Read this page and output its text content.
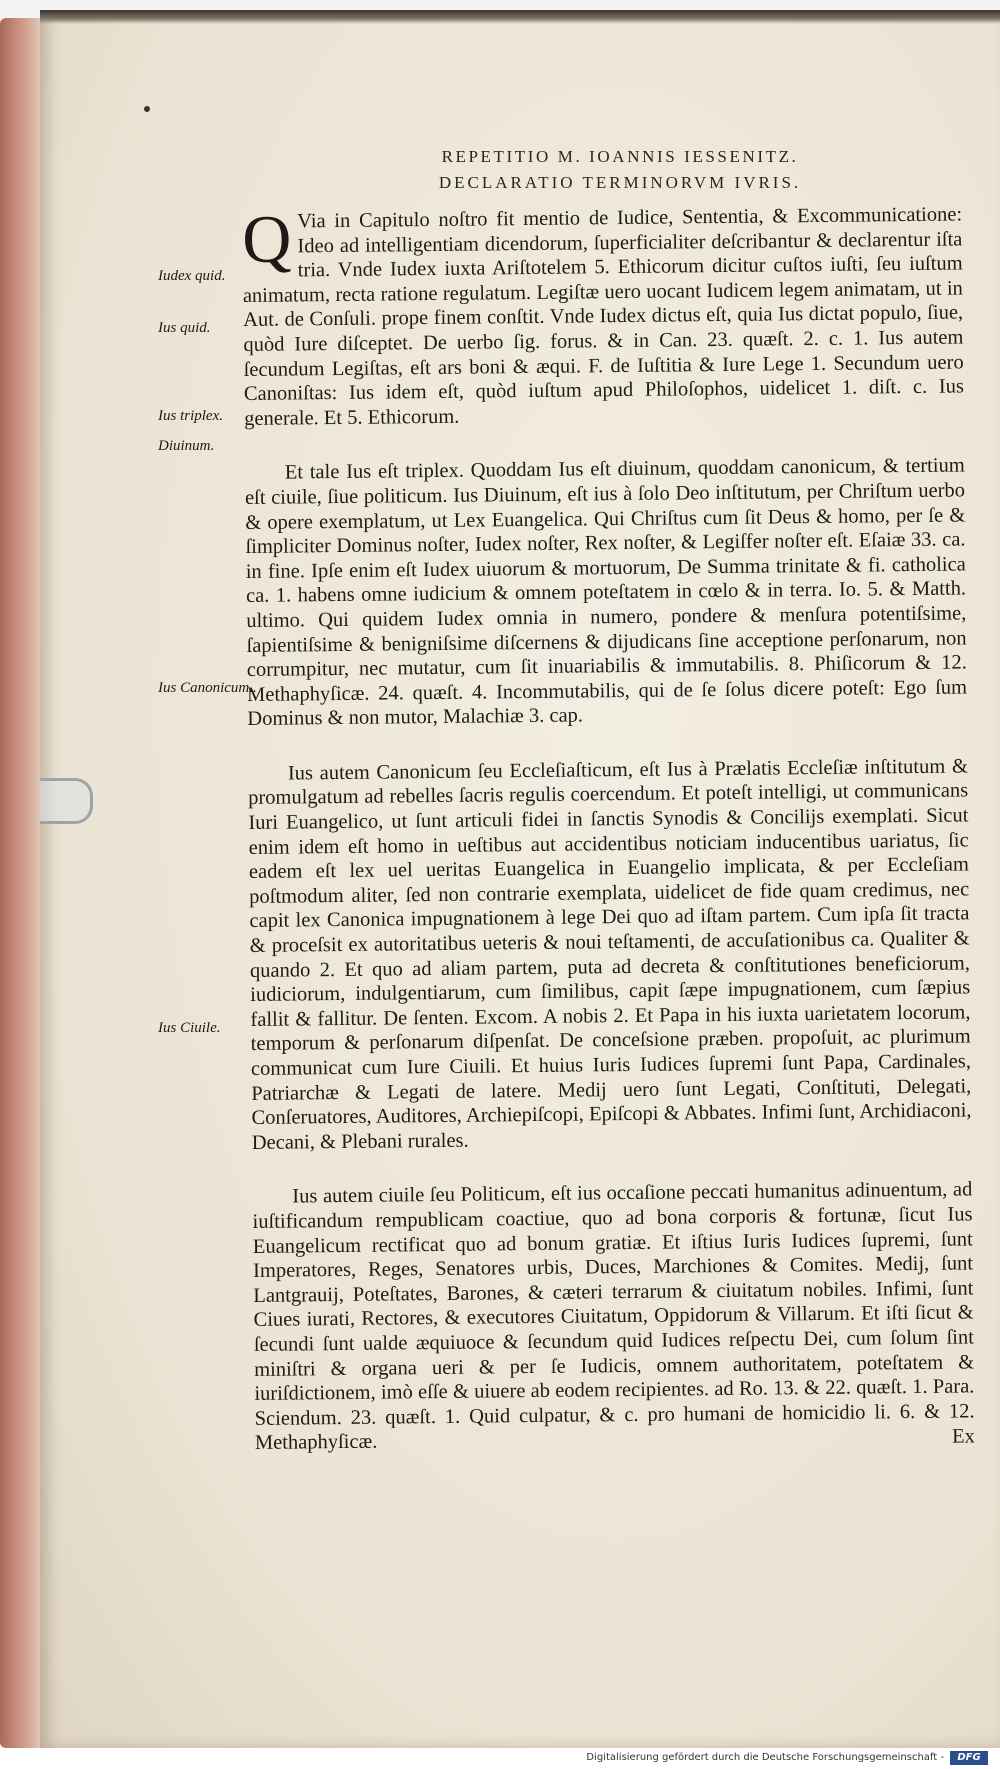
REPETITIO M. IOANNIS IESSENITZ.
DECLARATIO TERMINORVM IVRIS.
Iudex quid.
Ius quid.
Ius triplex.
Diuinum.
Ius Canonicum..
Ius Ciuile.

Q Via in Capitulo noſtro fit mentio de Iudice, Sententia, & Excommunicatione: Ideo ad intelligentiam dicendorum, ſuperficialiter deſcribantur & declarentur iſta tria. Vnde Iudex iuxta Ariſtotelem 5. Ethicorum dicitur cuſtos iuſti, ſeu iuſtum animatum, recta ratione regulatum. Legiſtæ uero uocant Iudicem legem animatam, ut in Aut. de Conſuli. prope finem conſtit. Vnde Iudex dictus eſt, quia Ius dictat populo, ſiue, quòd Iure diſceptet. De uerbo ſig. forus. & in Can. 23. quæſt. 2. c. 1. Ius autem ſecundum Legiſtas, eſt ars boni & æqui. F. de Iuſtitia & Iure Lege 1. Secundum uero Canoniſtas: Ius idem eſt, quòd iuſtum apud Philoſophos, uidelicet 1. diſt. c. Ius generale. Et 5. Ethicorum.

Et tale Ius eſt triplex. Quoddam Ius eſt diuinum, quoddam canonicum, & tertium eſt ciuile, ſiue politicum. Ius Diuinum, eſt ius à ſolo Deo inſtitutum, per Chriſtum uerbo & opere exemplatum, ut Lex Euangelica. Qui Chriſtus cum ſit Deus & homo, per ſe & ſimpliciter Dominus noſter, Iudex noſter, Rex noſter, & Legiſfer noſter eſt. Eſaiæ 33. ca. in fine. Ipſe enim eſt Iudex uiuorum & mortuorum, De Summa trinitate & fi. catholica ca. 1. habens omne iudicium & omnem poteſtatem in cœlo & in terra. Io. 5. & Matth. ultimo. Qui quidem Iudex omnia in numero, pondere & menſura potentiſsime, ſapientiſsime & benigniſsime diſcernens & dijudicans ſine acceptione perſonarum, non corrumpitur, nec mutatur, cum ſit inuariabilis & immutabilis. 8. Phiſicorum & 12. Methaphyſicæ. 24. quæſt. 4. Incommutabilis, qui de ſe ſolus dicere poteſt: Ego ſum Dominus & non mutor, Malachiæ 3. cap.

Ius autem Canonicum ſeu Eccleſiaſticum, eſt Ius à Prælatis Eccleſiæ inſtitutum & promulgatum ad rebelles ſacris regulis coercendum. Et poteſt intelligi, ut communicans Iuri Euangelico, ut ſunt articuli fidei in ſanctis Synodis & Concilijs exemplati. Sicut enim idem eſt homo in ueſtibus aut accidentibus noticiam inducentibus uariatus, ſic eadem eſt lex uel ueritas Euangelica in Euangelio implicata, & per Eccleſiam poſtmodum aliter, ſed non contrarie exemplata, uidelicet de fide quam credimus, nec capit lex Canonica impugnationem à lege Dei quo ad iſtam partem. Cum ipſa ſit tracta & proceſsit ex autoritatibus ueteris & noui teſtamenti, de accuſationibus ca. Qualiter & quando 2. Et quo ad aliam partem, puta ad decreta & conſtitutiones beneficiorum, iudiciorum, indulgentiarum, cum ſimilibus, capit ſæpe impugnationem, cum ſæpius fallit & fallitur. De ſenten. Excom. A nobis 2. Et Papa in his iuxta uarietatem locorum, temporum & perſonarum diſpenſat. De conceſsione præben. propoſuit, ac plurimum communicat cum Iure Ciuili. Et huius Iuris Iudices ſupremi ſunt Papa, Cardinales, Patriarchæ & Legati de latere. Medij uero ſunt Legati, Conſtituti, Delegati, Conſeruatores, Auditores, Archiepiſcopi, Epiſcopi & Abbates. Infimi ſunt, Archidiaconi, Decani, & Plebani rurales.

Ius autem ciuile ſeu Politicum, eſt ius occaſione peccati humanitus adinuentum, ad iuſtificandum rempublicam coactiue, quo ad bona corporis & fortunæ, ſicut Ius Euangelicum rectificat quo ad bonum gratiæ. Et iſtius Iuris Iudices ſupremi, ſunt Imperatores, Reges, Senatores urbis, Duces, Marchiones & Comites. Medij, ſunt Lantgrauij, Poteſtates, Barones, & cæteri terrarum & ciuitatum nobiles. Infimi, ſunt Ciues iurati, Rectores, & executores Ciuitatum, Oppidorum & Villarum. Et iſti ſicut & ſecundi ſunt ualde æquiuoce & ſecundum quid Iudices reſpectu Dei, cum ſolum ſint miniſtri & organa ueri & per ſe Iudicis, omnem authoritatem, poteſtatem & iuriſdictionem, imò eſſe & uiuere ab eodem recipientes. ad Ro. 13. & 22. quæſt. 1. Para. Sciendum. 23. quæſt. 1. Quid culpatur, & c. pro humani de homicidio li. 6. & 12. Methaphyſicæ.	Ex
Digitalisierung gefördert durch die Deutsche Forschungsgemeinschaft -	DFG
